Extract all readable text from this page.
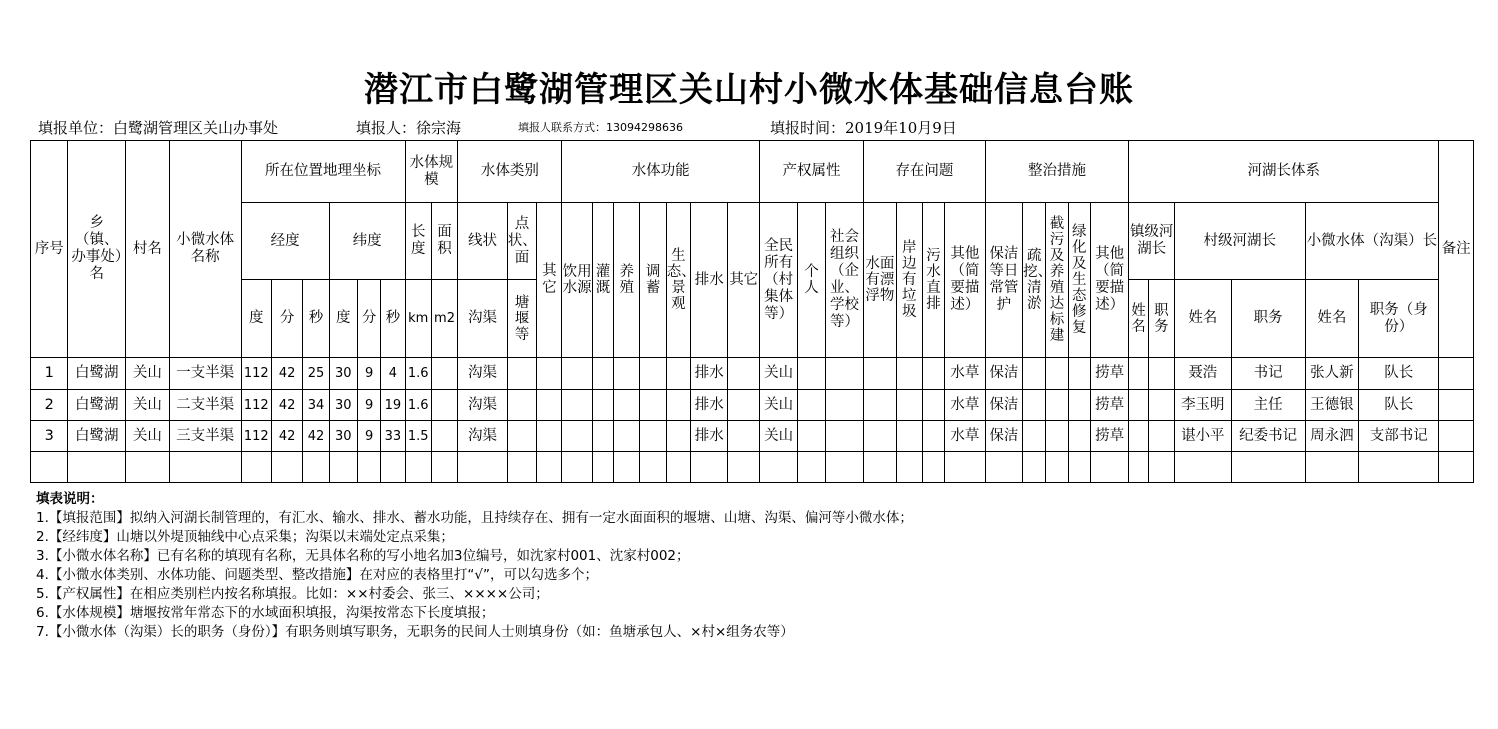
潜江市白鹭湖管理区关山村小微水体基础信息台账
填报单位：白鹭湖管理区关山办事处	填报人：徐宗海	填报人联系方式：13094298636	填报时间：2019年10月9日
序号	乡（镇、办事处）名	村名	小微水体名称	所在位置地理坐标						水体规模		水体类别			水体功能							产权属性			存在问题				整治措施					河湖长体系						备注
				经度			纬度			长度	面积	线状	点状、面	其它	饮用水源	灌溉	养殖	调蓄	生态、景观	排水	其它	全民所有（村集体等）	个人	社会组织（企业、学校等）	水面有漂浮物	岸边有垃圾	污水直排	其他（简要描述）	保洁等日常管护	疏挖、清淤	截污及养殖达标建	绿化及生态修复	其他（简要描述）	镇级河湖长		村级河湖长		小微水体（沟渠）长		
				度	分	秒	度	分	秒	km	m2	沟渠	塘堰等																					姓名	职务	姓名	职务	姓名	职务（身份）	
1	白鹭湖	关山	一支半渠	112	42	25	30	9	4	1.6		沟渠								排水		关山						水草	保洁				捞草			聂浩	书记	张人新	队长	
2	白鹭湖	关山	二支半渠	112	42	34	30	9	19	1.6		沟渠								排水		关山						水草	保洁				捞草			李玉明	主任	王德银	队长	
3	白鹭湖	关山	三支半渠	112	42	42	30	9	33	1.5		沟渠								排水		关山						水草	保洁				捞草			谌小平	纪委书记	周永泗	支部书记	

填表说明：
1.【填报范围】拟纳入河湖长制管理的，有汇水、输水、排水、蓄水功能，且持续存在、拥有一定水面面积的堰塘、山塘、沟渠、偏河等小微水体；
2.【经纬度】山塘以外堤顶轴线中心点采集；沟渠以末端处定点采集；
3.【小微水体名称】已有名称的填现有名称，无具体名称的写小地名加3位编号，如沈家村001、沈家村002；
4.【小微水体类别、水体功能、问题类型、整改措施】在对应的表格里打“√”，可以勾选多个；
5.【产权属性】在相应类别栏内按名称填报。比如：××村委会、张三、××××公司；
6.【水体规模】塘堰按常年常态下的水域面积填报，沟渠按常态下长度填报；
7.【小微水体（沟渠）长的职务（身份）】有职务则填写职务，无职务的民间人士则填身份（如：鱼塘承包人、×村×组务农等）
